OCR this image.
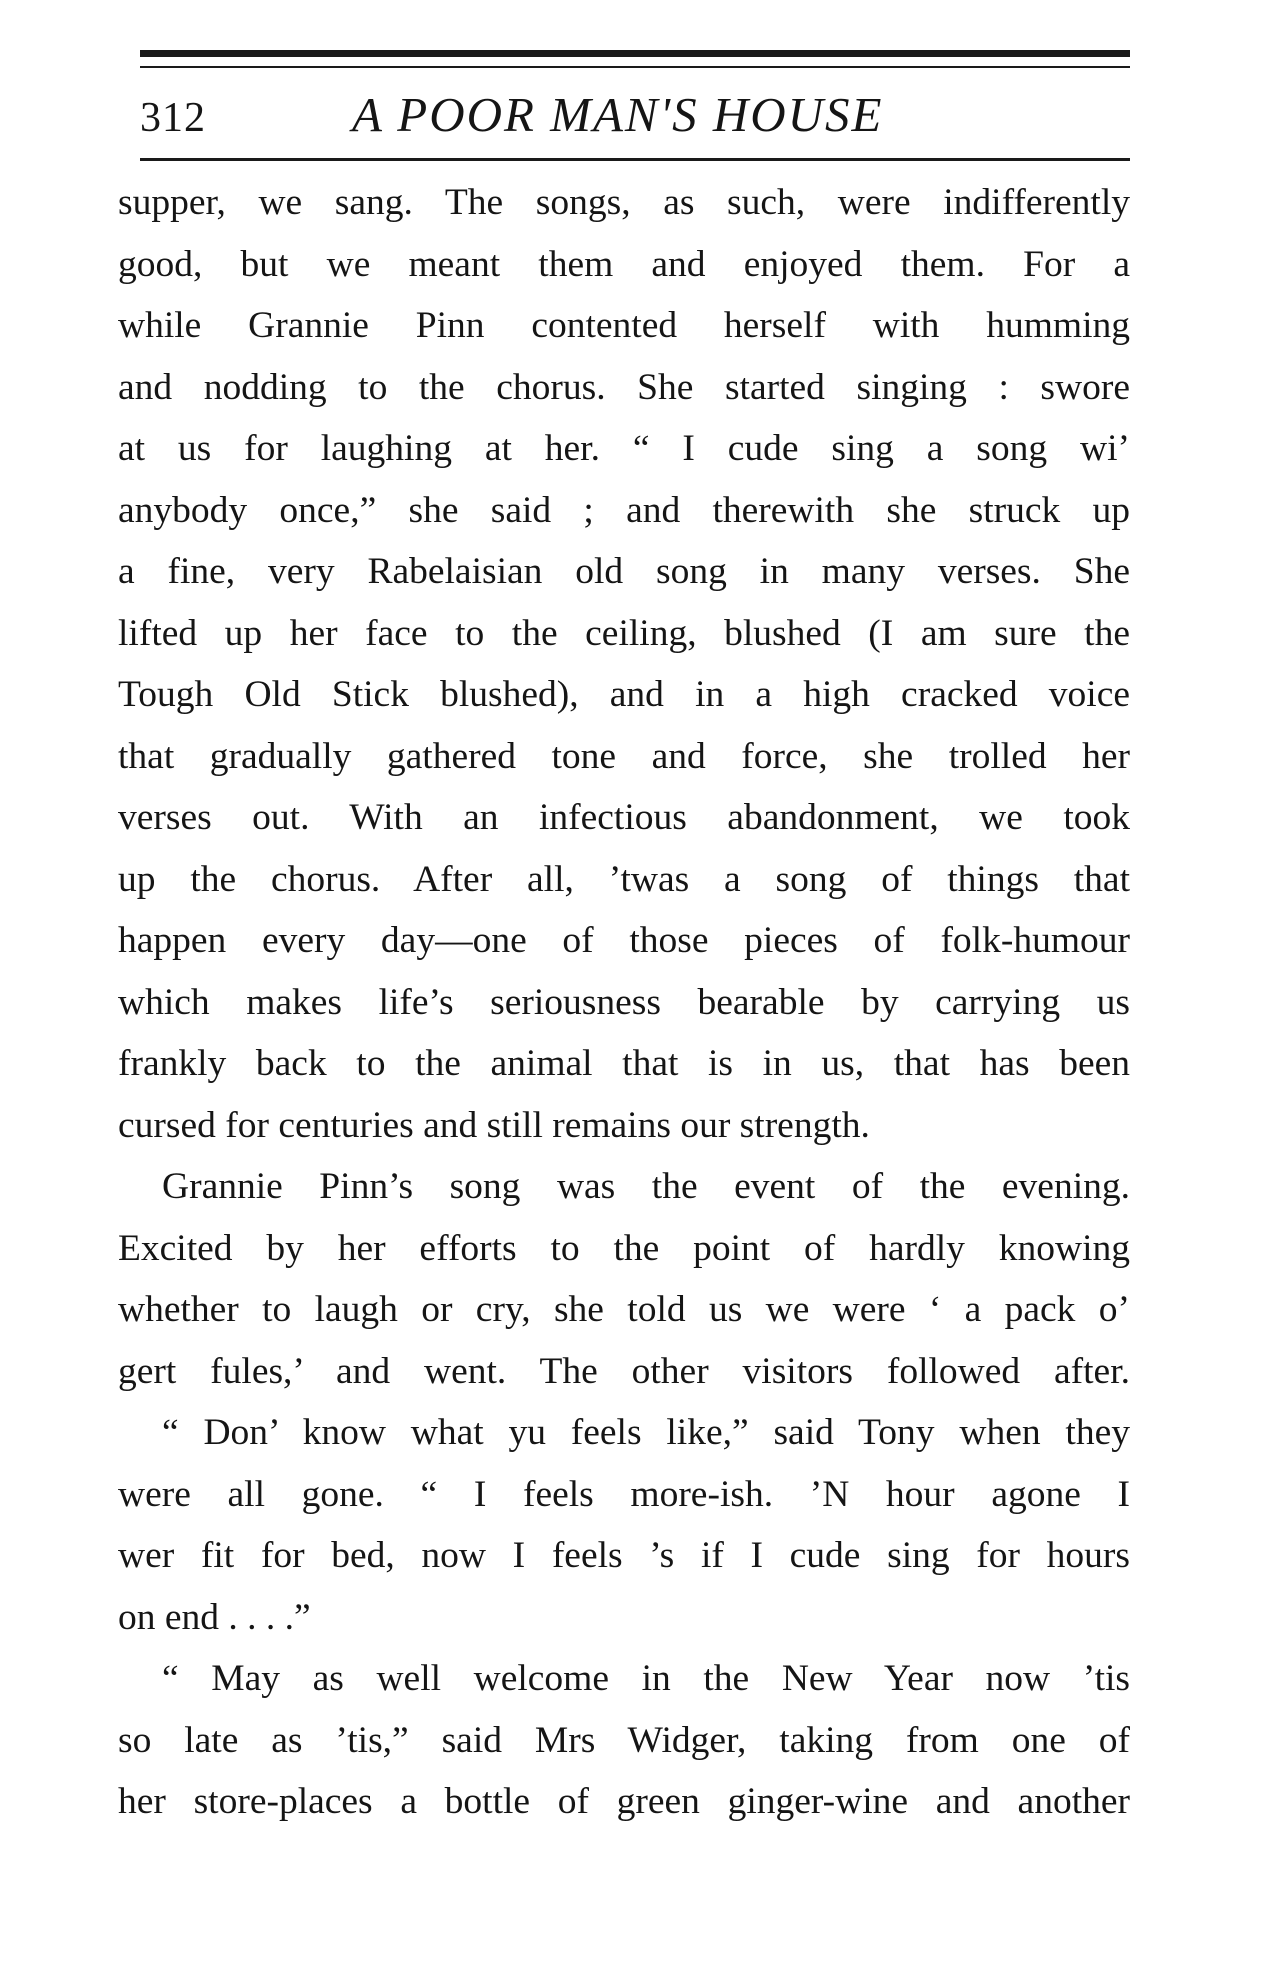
312	A POOR MAN'S HOUSE
supper, we sang. The songs, as such, were indifferently
good, but we meant them and enjoyed them. For a
while Grannie Pinn contented herself with humming
and nodding to the chorus. She started singing : swore
at us for laughing at her. “ I cude sing a song wi’
anybody once,” she said ; and therewith she struck up
a fine, very Rabelaisian old song in many verses. She
lifted up her face to the ceiling, blushed (I am sure the
Tough Old Stick blushed), and in a high cracked voice
that gradually gathered tone and force, she trolled her
verses out. With an infectious abandonment, we took
up the chorus. After all, ’twas a song of things that
happen every day—one of those pieces of folk-humour
which makes life’s seriousness bearable by carrying us
frankly back to the animal that is in us, that has been
cursed for centuries and still remains our strength.
Grannie Pinn’s song was the event of the evening.
Excited by her efforts to the point of hardly knowing
whether to laugh or cry, she told us we were ‘ a pack o’
gert fules,’ and went. The other visitors followed after.
“ Don’ know what yu feels like,” said Tony when they
were all gone. “ I feels more-ish. ’N hour agone I
wer fit for bed, now I feels ’s if I cude sing for hours
on end . . . .”
“ May as well welcome in the New Year now ’tis
so late as ’tis,” said Mrs Widger, taking from one of
her store-places a bottle of green ginger-wine and another
